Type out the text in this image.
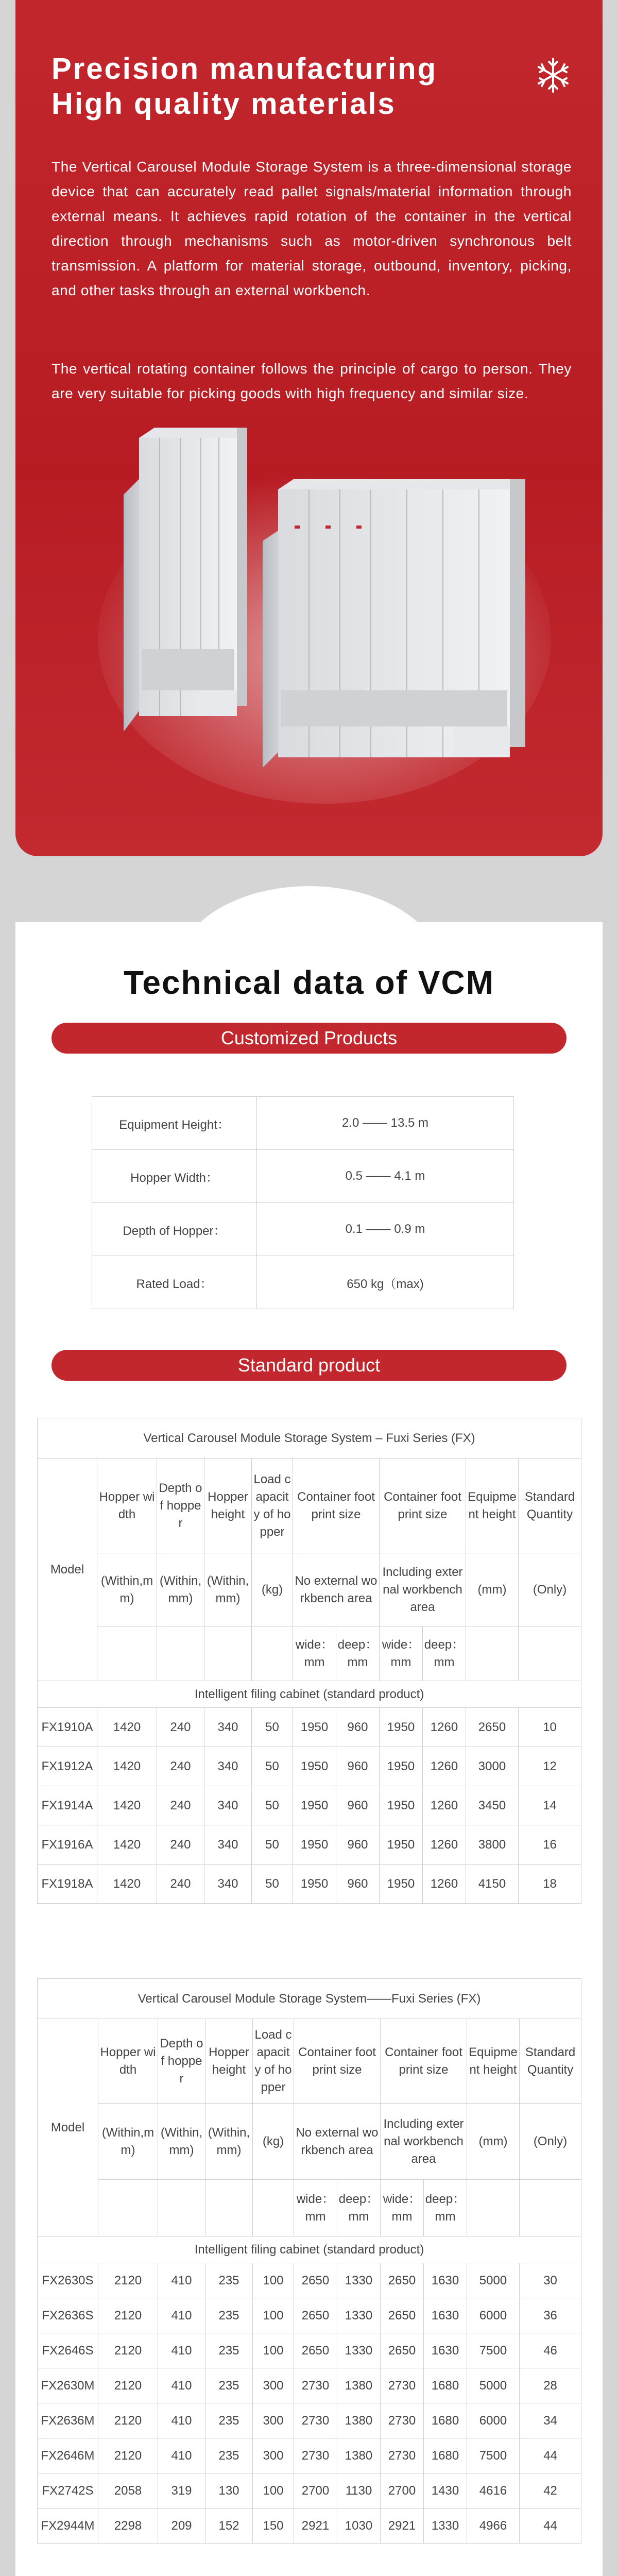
Precision manufacturing
High quality materials

The Vertical Carousel Module Storage System is a three-dimensional storage device that can accurately read pallet signals/material information through external means. It achieves rapid rotation of the container in the vertical direction through mechanisms such as motor-driven synchronous belt transmission. A platform for material storage, outbound, inventory, picking, and other tasks through an external workbench.

The vertical rotating container follows the principle of cargo to person. They are very suitable for picking goods with high frequency and similar size.

Technical data of VCM
Customized Products
Equipment Height：	2.0 —— 13.5 m
Hopper Width：	0.5 —— 4.1 m
Depth of Hopper：	0.1 —— 0.9 m
Rated Load：	650 kg（max)
Standard product
Vertical Carousel Module Storage System – Fuxi Series (FX)										
Model	Hopper width	Depth of hopper	Hopper height	Load capacity of hopper	Container footprint size		Container footprint size		Equipment height	Standard Quantity
	(Within,mm)	(Within,mm)	(Within,mm)	(kg)	No external workbench area		Including external workbench area		(mm)	(Only)
					wide：mm	deep：mm	wide：mm	deep：mm		
Intelligent filing cabinet (standard product)										
FX1910A	1420	240	340	50	1950	960	1950	1260	2650	10
FX1912A	1420	240	340	50	1950	960	1950	1260	3000	12
FX1914A	1420	240	340	50	1950	960	1950	1260	3450	14
FX1916A	1420	240	340	50	1950	960	1950	1260	3800	16
FX1918A	1420	240	340	50	1950	960	1950	1260	4150	18
Vertical Carousel Module Storage System——Fuxi Series (FX)										
Model	Hopper width	Depth of hopper	Hopper height	Load capacity of hopper	Container footprint size		Container footprint size		Equipment height	Standard Quantity
	(Within,mm)	(Within,mm)	(Within,mm)	(kg)	No external workbench area		Including external workbench area		(mm)	(Only)
					wide：mm	deep：mm	wide：mm	deep：mm		
Intelligent filing cabinet (standard product)										
FX2630S	2120	410	235	100	2650	1330	2650	1630	5000	30
FX2636S	2120	410	235	100	2650	1330	2650	1630	6000	36
FX2646S	2120	410	235	100	2650	1330	2650	1630	7500	46
FX2630M	2120	410	235	300	2730	1380	2730	1680	5000	28
FX2636M	2120	410	235	300	2730	1380	2730	1680	6000	34
FX2646M	2120	410	235	300	2730	1380	2730	1680	7500	44
FX2742S	2058	319	130	100	2700	1130	2700	1430	4616	42
FX2944M	2298	209	152	150	2921	1030	2921	1330	4966	44
